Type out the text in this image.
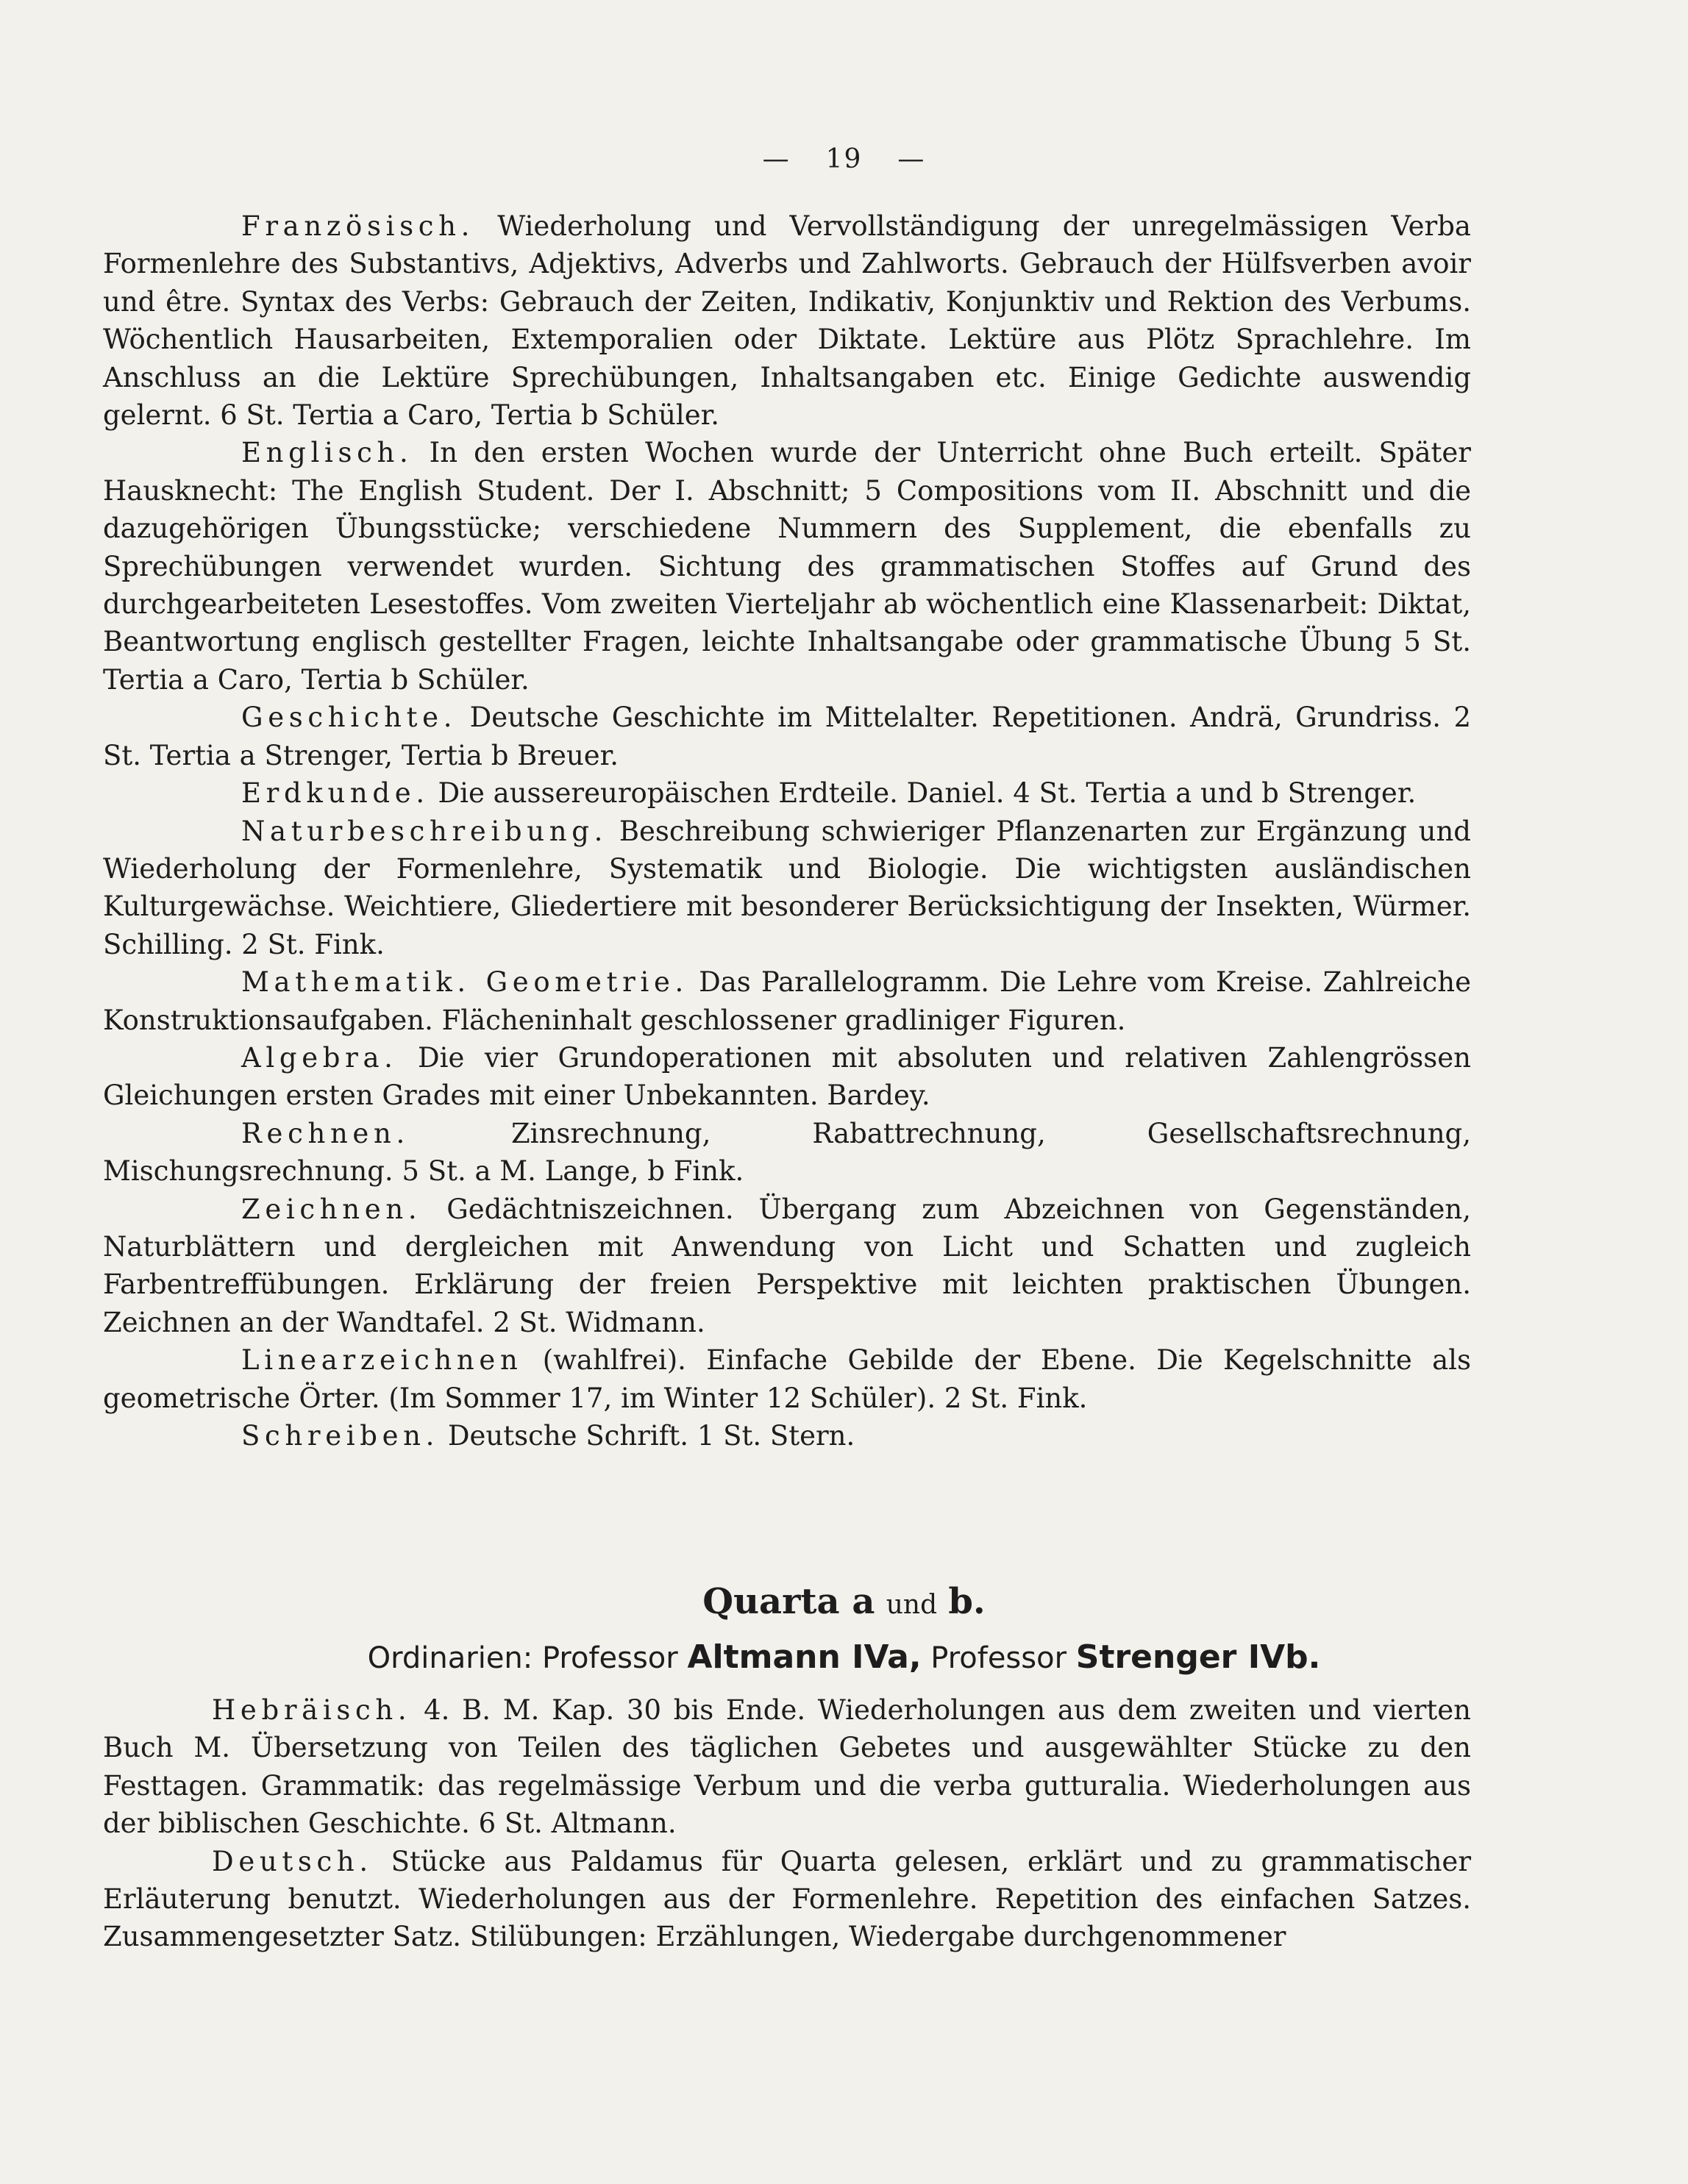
— 19 —

Französisch. Wiederholung und Vervollständigung der unregelmässigen Verba Formenlehre des Substantivs, Adjektivs, Adverbs und Zahlworts. Gebrauch der Hülfsverben avoir und être. Syntax des Verbs: Gebrauch der Zeiten, Indikativ, Konjunktiv und Rektion des Verbums. Wöchentlich Hausarbeiten, Extemporalien oder Diktate. Lektüre aus Plötz Sprachlehre. Im Anschluss an die Lektüre Sprechübungen, Inhaltsangaben etc. Einige Gedichte auswendig gelernt. 6 St. Tertia a Caro, Tertia b Schüler.

Englisch. In den ersten Wochen wurde der Unterricht ohne Buch erteilt. Später Hausknecht: The English Student. Der I. Abschnitt; 5 Compositions vom II. Abschnitt und die dazugehörigen Übungsstücke; verschiedene Nummern des Supplement, die ebenfalls zu Sprechübungen verwendet wurden. Sichtung des grammatischen Stoffes auf Grund des durchgearbeiteten Lesestoffes. Vom zweiten Vierteljahr ab wöchentlich eine Klassenarbeit: Diktat, Beantwortung englisch gestellter Fragen, leichte Inhaltsangabe oder grammatische Übung 5 St. Tertia a Caro, Tertia b Schüler.

Geschichte. Deutsche Geschichte im Mittelalter. Repetitionen. Andrä, Grundriss. 2 St. Tertia a Strenger, Tertia b Breuer.

Erdkunde. Die aussereuropäischen Erdteile. Daniel. 4 St. Tertia a und b Strenger.

Naturbeschreibung. Beschreibung schwieriger Pflanzenarten zur Ergänzung und Wiederholung der Formenlehre, Systematik und Biologie. Die wichtigsten ausländischen Kulturgewächse. Weichtiere, Gliedertiere mit besonderer Berücksichtigung der Insekten, Würmer. Schilling. 2 St. Fink.

Mathematik. Geometrie. Das Parallelogramm. Die Lehre vom Kreise. Zahlreiche Konstruktionsaufgaben. Flächeninhalt geschlossener gradliniger Figuren.

Algebra. Die vier Grundoperationen mit absoluten und relativen Zahlengrössen Gleichungen ersten Grades mit einer Unbekannten. Bardey.

Rechnen.	Zinsrechnung, Rabattrechnung, Gesellschaftsrechnung, Mischungsrechnung. 5 St. a M. Lange, b Fink.

Zeichnen. Gedächtniszeichnen. Übergang zum Abzeichnen von Gegenständen, Naturblättern und dergleichen mit Anwendung von Licht und Schatten und zugleich Farbentreffübungen. Erklärung der freien Perspektive mit leichten praktischen Übungen. Zeichnen an der Wandtafel. 2 St. Widmann.

Linearzeichnen (wahlfrei). Einfache Gebilde der Ebene. Die Kegelschnitte als geometrische Örter. (Im Sommer 17, im Winter 12 Schüler). 2 St. Fink.

Schreiben. Deutsche Schrift. 1 St. Stern.

Quarta a und b.
Ordinarien: Professor Altmann IVa, Professor Strenger IVb.

Hebräisch. 4. B. M. Kap. 30 bis Ende. Wiederholungen aus dem zweiten und vierten Buch M. Übersetzung von Teilen des täglichen Gebetes und ausgewählter Stücke zu den Festtagen. Grammatik: das regelmässige Verbum und die verba gutturalia. Wiederholungen aus der biblischen Geschichte. 6 St. Altmann.

Deutsch. Stücke aus Paldamus für Quarta gelesen, erklärt und zu grammatischer Erläuterung benutzt. Wiederholungen aus der Formenlehre. Repetition des einfachen Satzes. Zusammengesetzter Satz. Stilübungen: Erzählungen, Wiedergabe durchgenommener
